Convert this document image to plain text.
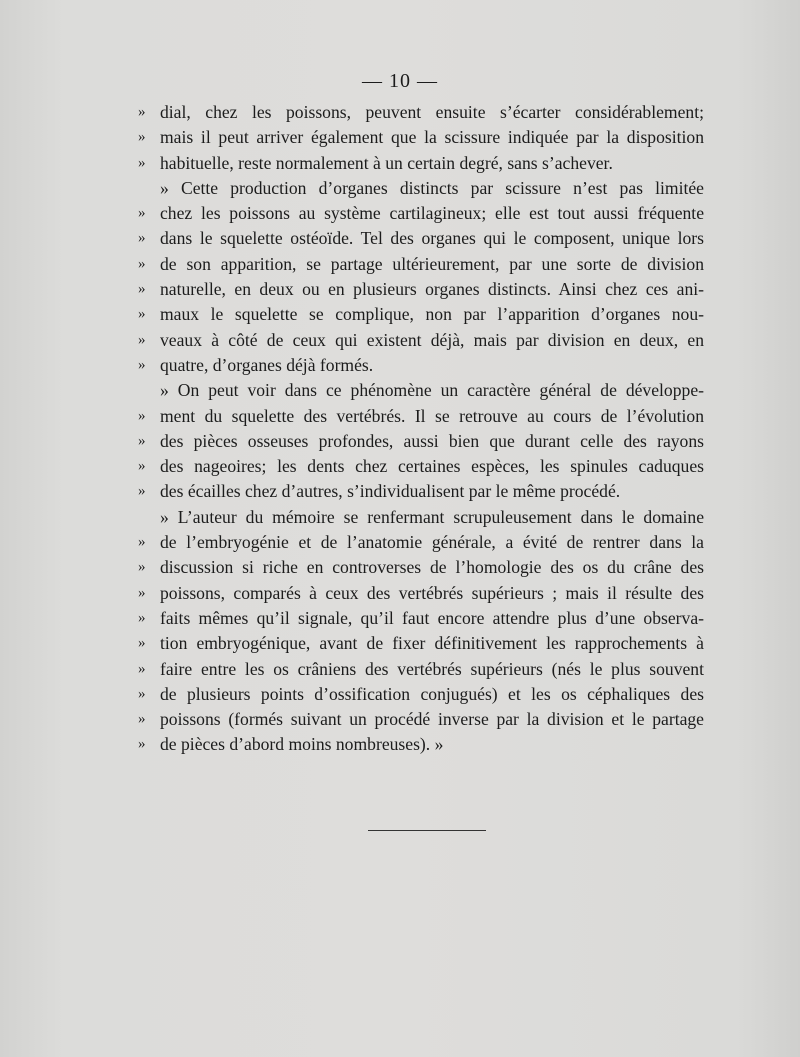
— 10 —
» dial, chez les poissons, peuvent ensuite s’écarter considérablement;
» mais il peut arriver également que la scissure indiquée par la disposition
» habituelle, reste normalement à un certain degré, sans s’achever.
» Cette production d’organes distincts par scissure n’est pas limitée
» chez les poissons au système cartilagineux; elle est tout aussi fréquente
» dans le squelette ostéoïde. Tel des organes qui le composent, unique lors
» de son apparition, se partage ultérieurement, par une sorte de division
» naturelle, en deux ou en plusieurs organes distincts. Ainsi chez ces ani-
» maux le squelette se complique, non par l’apparition d’organes nou-
» veaux à côté de ceux qui existent déjà, mais par division en deux, en
» quatre, d’organes déjà formés.
» On peut voir dans ce phénomène un caractère général de développe-
» ment du squelette des vertébrés. Il se retrouve au cours de l’évolution
» des pièces osseuses profondes, aussi bien que durant celle des rayons
» des nageoires; les dents chez certaines espèces, les spinules caduques
» des écailles chez d’autres, s’individualisent par le même procédé.
» L’auteur du mémoire se renfermant scrupuleusement dans le domaine
» de l’embryogénie et de l’anatomie générale, a évité de rentrer dans la
» discussion si riche en controverses de l’homologie des os du crâne des
» poissons, comparés à ceux des vertébrés supérieurs ; mais il résulte des
» faits mêmes qu’il signale, qu’il faut encore attendre plus d’une observa-
» tion embryogénique, avant de fixer définitivement les rapprochements à
» faire entre les os crâniens des vertébrés supérieurs (nés le plus souvent
» de plusieurs points d’ossification conjugués) et les os céphaliques des
» poissons (formés suivant un procédé inverse par la division et le partage
» de pièces d’abord moins nombreuses). »
